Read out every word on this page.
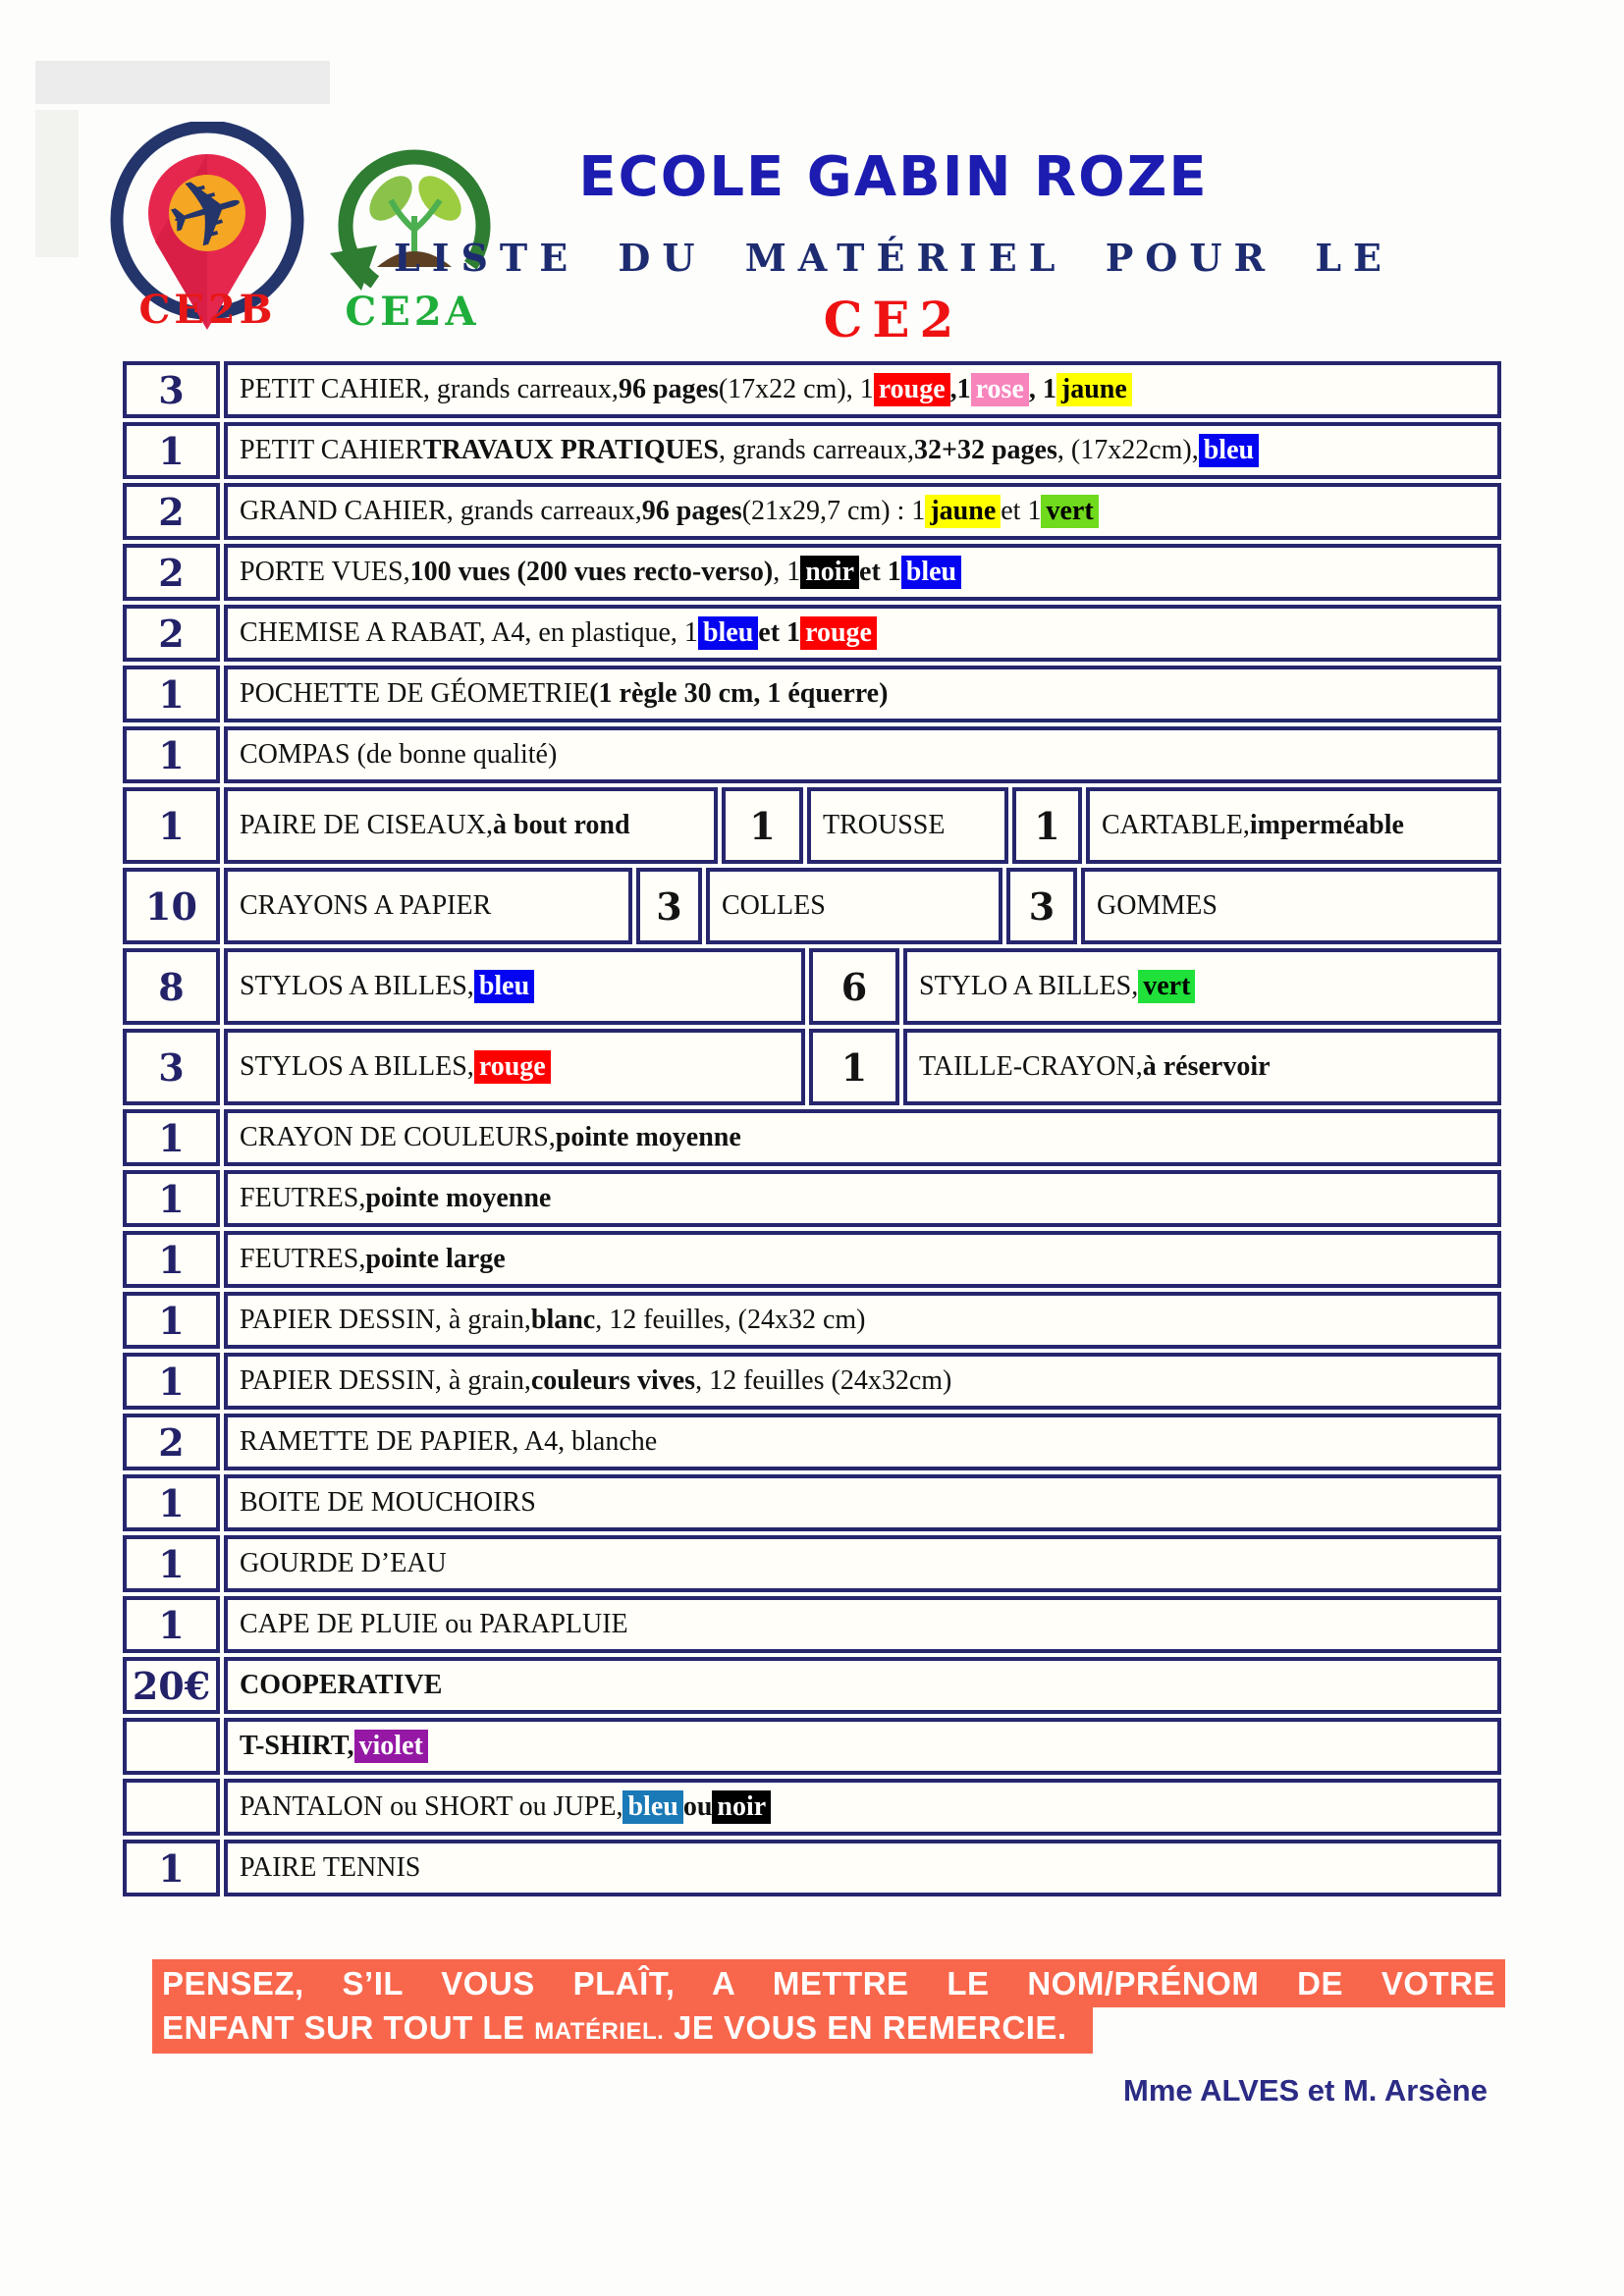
✈
CE2B	CE2A
ECOLE GABIN ROZE
LISTE DU MATÉRIEL POUR LE
CE2
3	PETIT CAHIER, grands carreaux, 96 pages (17x22 cm), 1 rouge ,1 rose , 1 jaune
1	PETIT CAHIER TRAVAUX PRATIQUES , grands carreaux, 32+32 pages , (17x22cm), bleu
2	GRAND CAHIER, grands carreaux, 96 pages (21x29,7 cm) : 1 jaune et 1 vert
2	PORTE VUES, 100 vues (200 vues recto-verso) , 1 noir et 1 bleu
2	CHEMISE A RABAT, A4, en plastique, 1 bleu et 1 rouge
1	POCHETTE DE GÉOMETRIE (1 règle 30 cm, 1 équerre)
1	COMPAS (de bonne qualité)
1	PAIRE DE CISEAUX, à bout rond	1	TROUSSE	1	CARTABLE, imperméable
10	CRAYONS A PAPIER	3	COLLES	3	GOMMES
8	STYLOS A BILLES, bleu	6	STYLO A BILLES, vert
3	STYLOS A BILLES, rouge	1	TAILLE-CRAYON, à réservoir
1	CRAYON DE COULEURS, pointe moyenne
1	FEUTRES, pointe moyenne
1	FEUTRES, pointe large
1	PAPIER DESSIN, à grain, blanc , 12 feuilles, (24x32 cm)
1	PAPIER DESSIN, à grain, couleurs vives , 12 feuilles (24x32cm)
2	RAMETTE DE PAPIER, A4, blanche
1	BOITE DE MOUCHOIRS
1	GOURDE D’EAU
1	CAPE DE PLUIE ou PARAPLUIE
20€	COOPERATIVE
T-SHIRT, violet
PANTALON ou SHORT ou JUPE, bleu ou noir
1	PAIRE TENNIS
PENSEZ, S’IL VOUS PLAÎT, A METTRE LE NOM/PRÉNOM DE VOTRE
ENFANT SUR TOUT LE MATÉRIEL. JE VOUS EN REMERCIE.
Mme ALVES et M. Arsène
